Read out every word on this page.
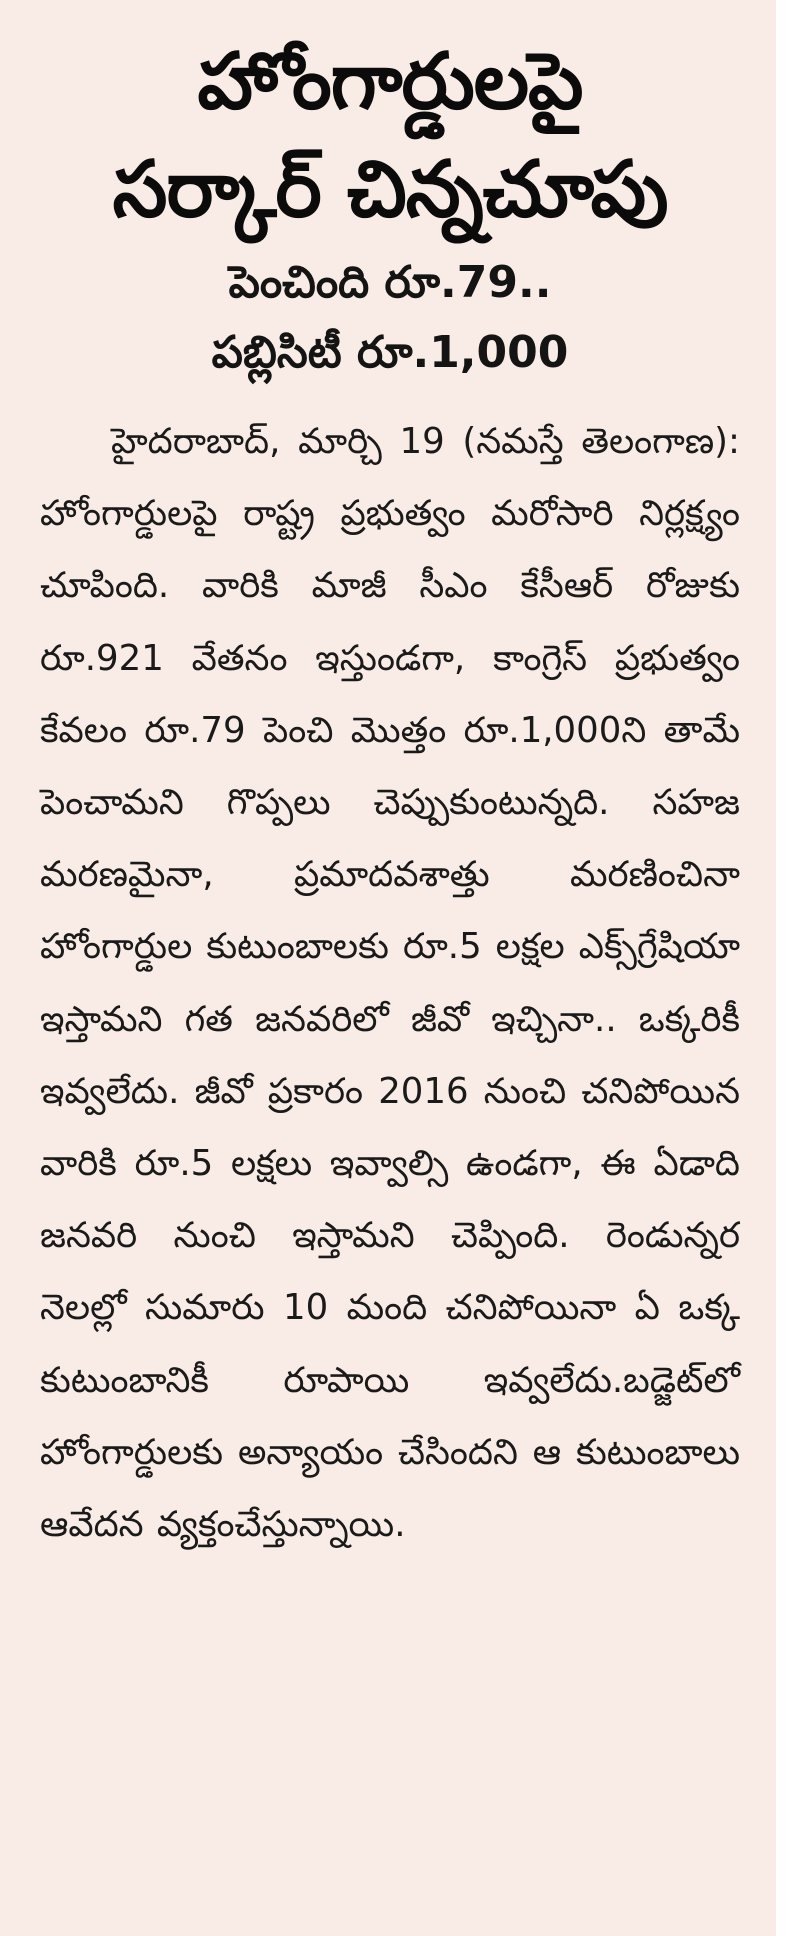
హోంగార్డులపై
సర్కార్ చిన్నచూపు
పెంచింది రూ.79..
పబ్లిసిటీ రూ.1,000

హైదరాబాద్, మార్చి 19 (నమస్తే తెలంగాణ): హోంగార్డులపై రాష్ట్ర ప్రభుత్వం మరోసారి నిర్లక్ష్యం చూపింది. వారికి మాజీ సీఎం కేసీఆర్ రోజుకు రూ.921 వేతనం ఇస్తుండగా, కాంగ్రెస్ ప్రభుత్వం కేవలం రూ.79 పెంచి మొత్తం రూ.1,000ని తామే పెంచామని గొప్పలు చెప్పుకుంటున్నది. సహజ మరణమైనా, ప్రమాదవశాత్తు మరణించినా హోంగార్డుల కుటుంబాలకు రూ.5 లక్షల ఎక్స్‌గ్రేషియా ఇస్తామని గత జనవరిలో జీవో ఇచ్చినా.. ఒక్కరికీ ఇవ్వలేదు. జీవో ప్రకారం 2016 నుంచి చనిపోయిన వారికి రూ.5 లక్షలు ఇవ్వాల్సి ఉండగా, ఈ ఏడాది జనవరి నుంచి ఇస్తామని చెప్పింది. రెండున్నర నెలల్లో సుమారు 10 మంది చనిపోయినా ఏ ఒక్క కుటుంబానికీ రూపాయి ఇవ్వలేదు.బడ్జెట్‌లో హోంగార్డులకు అన్యాయం చేసిందని ఆ కుటుంబాలు ఆవేదన వ్యక్తంచేస్తున్నాయి.
